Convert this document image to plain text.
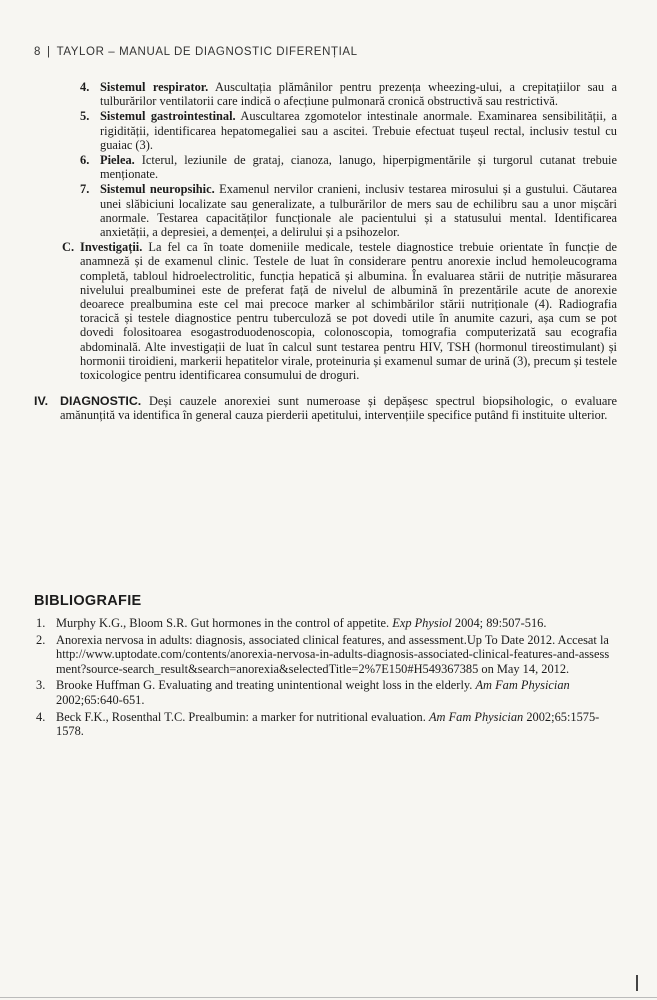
8 | TAYLOR – MANUAL DE DIAGNOSTIC DIFERENȚIAL
4. Sistemul respirator. Auscultația plămânilor pentru prezența wheezing-ului, a crepitațiilor sau a tulburărilor ventilatorii care indică o afecțiune pulmonară cronică obstructivă sau restrictivă.
5. Sistemul gastrointestinal. Auscultarea zgomotelor intestinale anormale. Examinarea sensibilității, a rigidității, identificarea hepatomegaliei sau a ascitei. Trebuie efectuat tușeul rectal, inclusiv testul cu guaiac (3).
6. Pielea. Icterul, leziunile de grataj, cianoza, lanugo, hiperpigmentările și turgorul cutanat trebuie menționate.
7. Sistemul neuropsihic. Examenul nervilor cranieni, inclusiv testarea mirosului și a gustului. Căutarea unei slăbiciuni localizate sau generalizate, a tulburărilor de mers sau de echilibru sau a unor mișcări anormale. Testarea capacităților funcționale ale pacientului și a statusului mental. Identificarea anxietății, a depresiei, a demenței, a delirului și a psihozelor.
C. Investigații. La fel ca în toate domeniile medicale, testele diagnostice trebuie orientate în funcție de anamneză și de examenul clinic. Testele de luat în considerare pentru anorexie includ hemoleucograma completă, tabloul hidroelectrolitic, funcția hepatică și albumina. În evaluarea stării de nutriție măsurarea nivelului prealbuminei este de preferat față de nivelul de albumină în prezentările acute de anorexie deoarece prealbumina este cel mai precoce marker al schimbărilor stării nutriționale (4). Radiografia toracică și testele diagnostice pentru tuberculoză se pot dovedi utile în anumite cazuri, așa cum se pot dovedi folositoarea esogastroduodenoscopia, colonoscopia, tomografia computerizată sau ecografia abdominală. Alte investigații de luat în calcul sunt testarea pentru HIV, TSH (hormonul tireostimulant) și hormonii tiroidieni, markerii hepatitelor virale, proteinuria și examenul sumar de urină (3), precum și testele toxicologice pentru identificarea consumului de droguri.
IV. DIAGNOSTIC. Deși cauzele anorexiei sunt numeroase și depășesc spectrul biopsihologic, o evaluare amănunțită va identifica în general cauza pierderii apetitului, intervențiile specifice putând fi instituite ulterior.
BIBLIOGRAFIE
1. Murphy K.G., Bloom S.R. Gut hormones in the control of appetite. Exp Physiol 2004; 89:507-516.
2. Anorexia nervosa in adults: diagnosis, associated clinical features, and assessment.Up To Date 2012. Accesat la http://www.uptodate.com/contents/anorexia-nervosa-in-adults-diagnosis-associated-clinical-features-and-assessment?source-search_result&search=anorexia&selectedTitle=2%7E150#H549367385 on May 14, 2012.
3. Brooke Huffman G. Evaluating and treating unintentional weight loss in the elderly. Am Fam Physician 2002;65:640-651.
4. Beck F.K., Rosenthal T.C. Prealbumin: a marker for nutritional evaluation. Am Fam Physician 2002;65:1575-1578.
